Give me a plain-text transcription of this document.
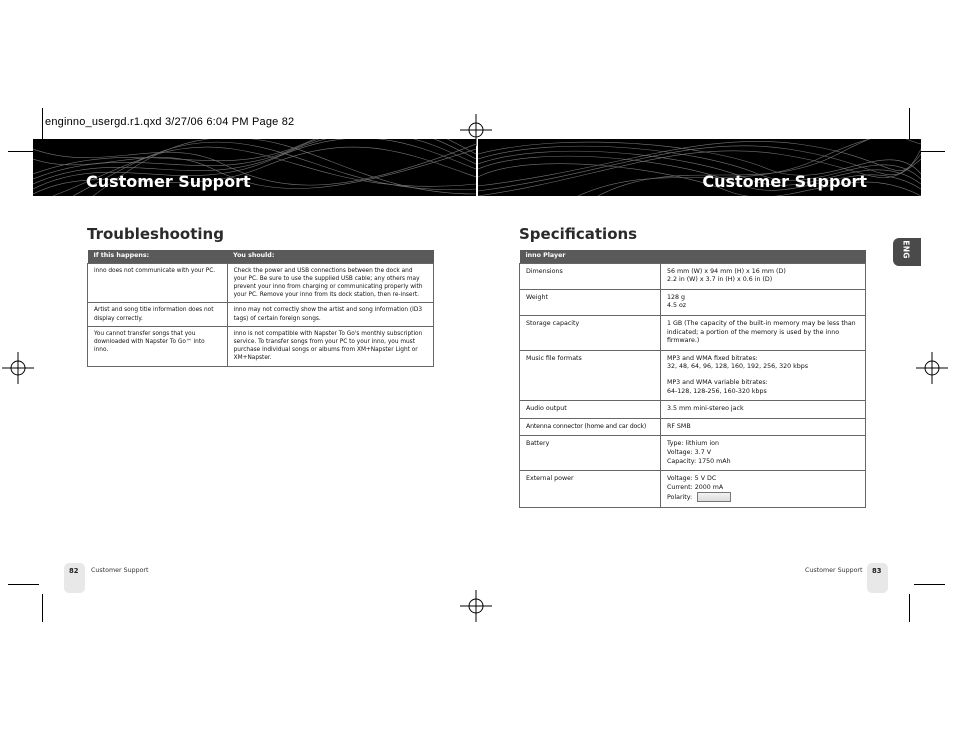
enginno_usergd.r1.qxd 3/27/06 6:04 PM Page 82
Customer Support	Customer Support
Troubleshooting	Specifications
If this happens:	You should:
inno does not communicate with your PC.	Check the power and USB connections between the dock and your PC. Be sure to use the supplied USB cable; any others may prevent your inno from charging or communicating properly with your PC. Remove your inno from its dock station, then re-insert.
Artist and song title information does not display correctly.	inno may not correctly show the artist and song information (ID3 tags) of certain foreign songs.
You cannot transfer songs that you downloaded with Napster To Go™ into inno.	inno is not compatible with Napster To Go's monthly subscription service. To transfer songs from your PC to your inno, you must purchase individual songs or albums from XM+Napster Light or XM+Napster.
inno Player	
Dimensions	56 mm (W) x 94 mm (H) x 16 mm (D)
2.2 in (W) x 3.7 in (H) x 0.6 in (D)

Weight	128 g
4.5 oz

Storage capacity	1 GB (The capacity of the built-in memory may be less than indicated; a portion of the memory is used by the inno firmware.)

Music file formats	MP3 and WMA fixed bitrates:
32, 48, 64, 96, 128, 160, 192, 256, 320 kbps
MP3 and WMA variable bitrates:
64-128, 128-256, 160-320 kbps

Audio output	3.5 mm mini-stereo jack

Antenna connector (home and car dock)	RF SMB

Battery	Type: lithium ion
Voltage: 3.7 V
Capacity: 1750 mAh

External power	Voltage: 5 V DC
Current: 2000 mA
Polarity:
ENG
82 Customer Support	83
Customer Support
